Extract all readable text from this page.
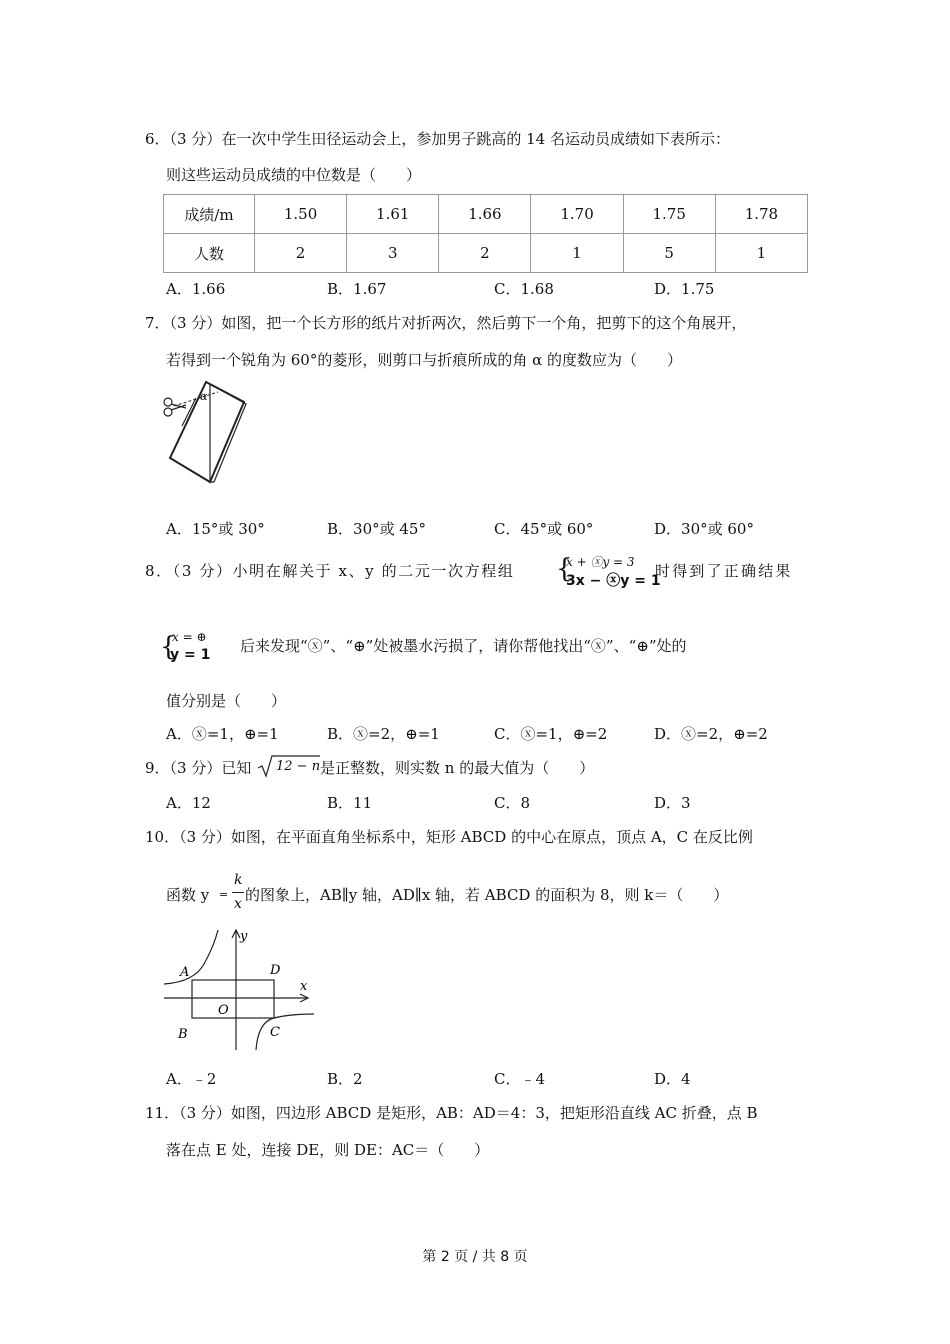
6．（3 分）在一次中学生田径运动会上，参加男子跳高的 14 名运动员成绩如下表所示：
则这些运动员成绩的中位数是（　　）
成绩/m	1.50	1.61	1.66	1.70	1.75	1.78
人数	2	3	2	1	5	1
A．1.66	B．1.67	C．1.68	D．1.75
7．（3 分）如图，把一个长方形的纸片对折两次，然后剪下一个角，把剪下的这个角展开，
若得到一个锐角为 60°的菱形，则剪口与折痕所成的角 α 的度数应为（　　）
α
A．15°或 30°	B．30°或 45°	C．45°或 60°	D．30°或 60°
8．（3 分）小明在解关于 x、y 的二元一次方程组 {
x + ⓧy = 3
3x − ⓧy = 1
时得到了正确结果
{
x = ⊕
y = 1 后来发现“ⓧ”、“⊕”处被墨水污损了，请你帮他找出“ⓧ”、“⊕”处的
值分别是（　　）
A．ⓧ=1，⊕=1	B．ⓧ=2，⊕=1	C．ⓧ=1，⊕=2	D．ⓧ=2，⊕=2
9．（3 分）已知 12 − n 是正整数，则实数 n 的最大值为（　　）
A．12	B．11	C．8	D．3
10．（3 分）如图，在平面直角坐标系中，矩形 ABCD 的中心在原点，顶点 A，C 在反比例
函数 y =
k
x 的图象上，AB∥y 轴，AD∥x 轴，若 ABCD 的面积为 8，则 k＝（　　）
A
B	C
D
O
x
y
A．﹣2	B．2	C．﹣4	D．4
11．（3 分）如图，四边形 ABCD 是矩形，AB：AD＝4：3，把矩形沿直线 AC 折叠，点 B
落在点 E 处，连接 DE，则 DE：AC＝（　　）
第 2 页 / 共 8 页
